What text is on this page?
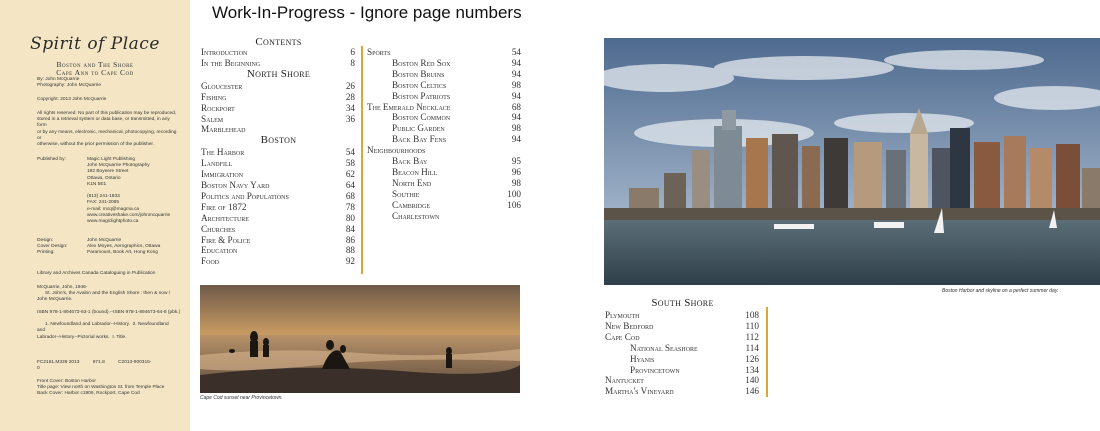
Spirit of Place
Boston and The Shore
Cape Ann to Cape Cod

By: John McQuarrie

Photography: John McQuarrie

Copyright: 2013 John McQuarrie

All rights reserved. No part of this publication may be reproduced,

stored in a retrieval system or data base, or transmitted, in any

form

or by any means, electronic, mechanical, photocopying, recording

or

otherwise, without the prior permission of the publisher.

Published by:	Magic Light Publishing

John McQuarrie Photography

192 Boyeere Street

Ottawa, Ontario

K1N 5E1

(613) 241-1833

FAX: 241-2085

e-mail: mcq@magma.ca

www.creativeshake.com/johnmcquarrie

www.magiclightphoto.ca

Design:	John McQuarrie
Cover Design:	Alex Moyes, Aerographics, Ottawa
Printing:	Paramount, Book Art, Hong Kong
Library and Archives Canada Cataloguing in Publication

McQuarrie, John, 1946-

St. John's, the Avalon and the English Shore : then & now /

John McQuarrie.

ISBN 978-1-894673-63-1 (bound).--ISBN 978-1-894673-64-8 (pbk.)

1. Newfoundland and Labrador--History.  2. Newfoundland

and

Labrador--History--Pictorial works.  I. Title.

FC2161.M339 2013          971.8          C2013-900315-

0

Front Cover: Boston Harbor

Title page: View north on Washington St. from Temple Place

Back Cover: Harbor c1906, Rockport, Cape Cod

Work-In-Progress - Ignore page numbers
Contents
Introduction	6
In the Beginning	8
North Shore
Gloucester	26
Fishing	28
Rockport	34
Salem	36
Marblehead
Boston
The Harbor	54
Landfill	58
Immigration	62
Boston Navy Yard	64
Politics and Populations	68
Fire of 1872	78
Architecture	80
Churches	84
Fire & Police	86
Education	88
Food	92
Sports	54
Boston Red Sox	94
Boston Bruins	94
Boston Celtics	98
Boston Patriots	94
The Emerald Necklace	68
Boston Common	94
Public Garden	98
Back Bay Fens	94
Neighbourhoods
Back Bay	95
Beacon Hill	96
North End	98
Southie	100
Cambridge	106
Charlestown
Cape Cod sunset near Provincetown.
Boston Harbor and skyline on a perfect summer day.
South Shore
Plymouth	108
New Bedford	110
Cape Cod	112
National Seashore	114
Hyanis	126
Provincetown	134
Nantucket	140
Martha's Vineyard	146
